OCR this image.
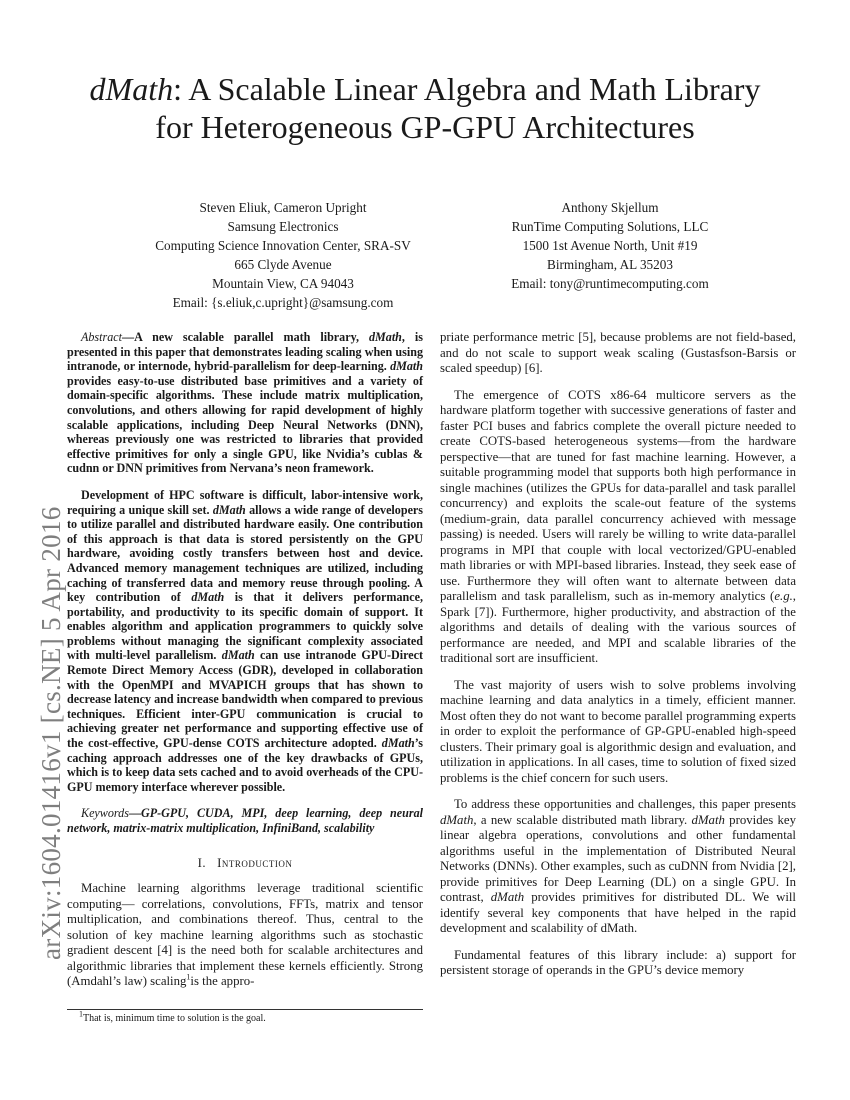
dMath: A Scalable Linear Algebra and Math Library
for Heterogeneous GP-GPU Architectures
Steven Eliuk, Cameron Upright
Samsung Electronics
Computing Science Innovation Center, SRA-SV
665 Clyde Avenue
Mountain View, CA 94043
Email: {s.eliuk,c.upright}@samsung.com
Anthony Skjellum
RunTime Computing Solutions, LLC
1500 1st Avenue North, Unit #19
Birmingham, AL 35203
Email: tony@runtimecomputing.com
arXiv:1604.01416v1 [cs.NE] 5 Apr 2016

Abstract—A new scalable parallel math library, dMath, is presented in this paper that demonstrates leading scaling when using intranode, or internode, hybrid-parallelism for deep-learning. dMath provides easy-to-use distributed base primitives and a variety of domain-specific algorithms. These include matrix multiplication, convolutions, and others allowing for rapid development of highly scalable applications, including Deep Neural Networks (DNN), whereas previously one was restricted to libraries that provided effective primitives for only a single GPU, like Nvidia’s cublas & cudnn or DNN primitives from Nervana’s neon framework.

Development of HPC software is difficult, labor-intensive work, requiring a unique skill set. dMath allows a wide range of developers to utilize parallel and distributed hardware easily. One contribution of this approach is that data is stored persistently on the GPU hardware, avoiding costly transfers between host and device. Advanced memory management techniques are utilized, including caching of transferred data and memory reuse through pooling. A key contribution of dMath is that it delivers performance, portability, and productivity to its specific domain of support. It enables algorithm and application programmers to quickly solve problems without managing the significant complexity associated with multi-level parallelism. dMath can use intranode GPU-Direct Remote Direct Memory Access (GDR), developed in collaboration with the OpenMPI and MVAPICH groups that has shown to decrease latency and increase bandwidth when compared to previous techniques. Efficient inter-GPU communication is crucial to achieving greater net performance and supporting effective use of the cost-effective, GPU-dense COTS architecture adopted. dMath’s caching approach addresses one of the key drawbacks of GPUs, which is to keep data sets cached and to avoid overheads of the CPU-GPU memory interface wherever possible.

Keywords—GP-GPU, CUDA, MPI, deep learning, deep neural network, matrix-matrix multiplication, InfiniBand, scalability

I. Introduction

Machine learning algorithms leverage traditional scientific computing— correlations, convolutions, FFTs, matrix and tensor multiplication, and combinations thereof. Thus, central to the solution of key machine learning algorithms such as stochastic gradient descent [4] is the need both for scalable architectures and algorithmic libraries that implement these kernels efficiently. Strong (Amdahl’s law) scaling$^1$is the appro-

$^1$That is, minimum time to solution is the goal.

priate performance metric [5], because problems are not field-based, and do not scale to support weak scaling (Gustasfson-Barsis or scaled speedup) [6].

The emergence of COTS x86-64 multicore servers as the hardware platform together with successive generations of faster and faster PCI buses and fabrics complete the overall picture needed to create COTS-based heterogeneous systems—from the hardware perspective—that are tuned for fast machine learning. However, a suitable programming model that supports both high performance in single machines (utilizes the GPUs for data-parallel and task parallel concurrency) and exploits the scale-out feature of the systems (medium-grain, data parallel concurrency achieved with message passing) is needed. Users will rarely be willing to write data-parallel programs in MPI that couple with local vectorized/GPU-enabled math libraries or with MPI-based libraries. Instead, they seek ease of use. Furthermore they will often want to alternate between data parallelism and task parallelism, such as in-memory analytics (e.g., Spark [7]). Furthermore, higher productivity, and abstraction of the algorithms and details of dealing with the various sources of performance are needed, and MPI and scalable libraries of the traditional sort are insufficient.

The vast majority of users wish to solve problems involving machine learning and data analytics in a timely, efficient manner. Most often they do not want to become parallel programming experts in order to exploit the performance of GP-GPU-enabled high-speed clusters. Their primary goal is algorithmic design and evaluation, and utilization in applications. In all cases, time to solution of fixed sized problems is the chief concern for such users.

To address these opportunities and challenges, this paper presents dMath, a new scalable distributed math library. dMath provides key linear algebra operations, convolutions and other fundamental algorithms useful in the implementation of Distributed Neural Networks (DNNs). Other examples, such as cuDNN from Nvidia [2], provide primitives for Deep Learning (DL) on a single GPU. In contrast, dMath provides primitives for distributed DL. We will identify several key components that have helped in the rapid development and scalability of dMath.

Fundamental features of this library include: a) support for persistent storage of operands in the GPU’s device memory
